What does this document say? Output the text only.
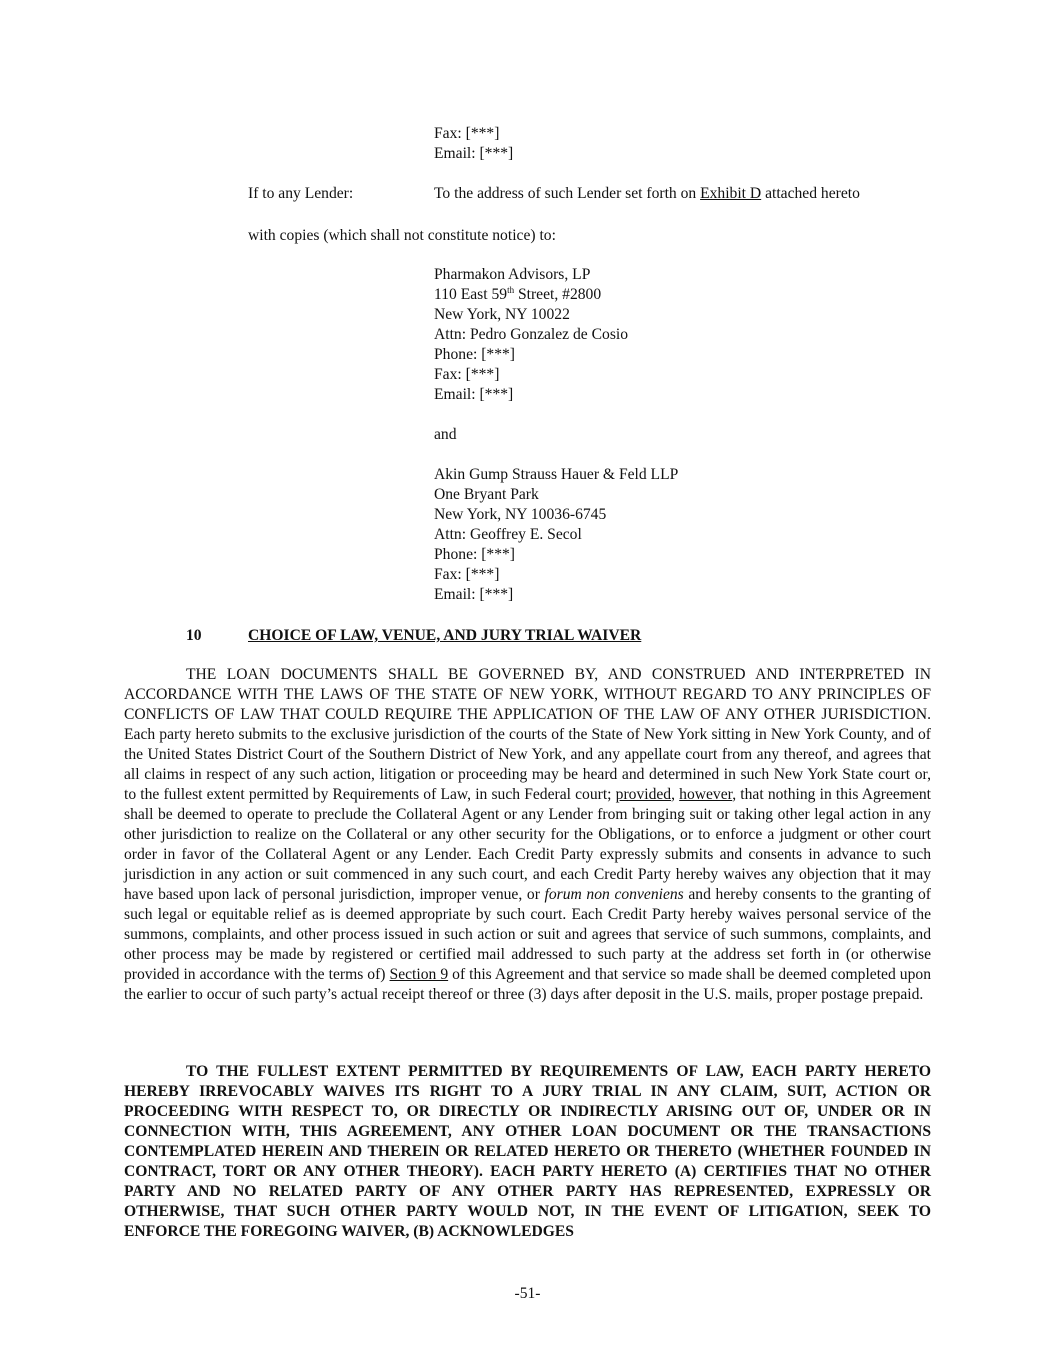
Fax: [***]
Email: [***]
If to any Lender:	To the address of such Lender set forth on Exhibit D attached hereto
with copies (which shall not constitute notice) to:
Pharmakon Advisors, LP
110 East 59th Street, #2800
New York, NY 10022
Attn: Pedro Gonzalez de Cosio
Phone: [***]
Fax: [***]
Email: [***]
and
Akin Gump Strauss Hauer & Feld LLP
One Bryant Park
New York, NY 10036-6745
Attn: Geoffrey E. Secol
Phone: [***]
Fax: [***]
Email: [***]
10	CHOICE OF LAW, VENUE, AND JURY TRIAL WAIVER
THE LOAN DOCUMENTS SHALL BE GOVERNED BY, AND CONSTRUED AND INTERPRETED IN ACCORDANCE WITH THE LAWS OF THE STATE OF NEW YORK, WITHOUT REGARD TO ANY PRINCIPLES OF CONFLICTS OF LAW THAT COULD REQUIRE THE APPLICATION OF THE LAW OF ANY OTHER JURISDICTION. Each party hereto submits to the exclusive jurisdiction of the courts of the State of New York sitting in New York County, and of the United States District Court of the Southern District of New York, and any appellate court from any thereof, and agrees that all claims in respect of any such action, litigation or proceeding may be heard and determined in such New York State court or, to the fullest extent permitted by Requirements of Law, in such Federal court; provided, however, that nothing in this Agreement shall be deemed to operate to preclude the Collateral Agent or any Lender from bringing suit or taking other legal action in any other jurisdiction to realize on the Collateral or any other security for the Obligations, or to enforce a judgment or other court order in favor of the Collateral Agent or any Lender. Each Credit Party expressly submits and consents in advance to such jurisdiction in any action or suit commenced in any such court, and each Credit Party hereby waives any objection that it may have based upon lack of personal jurisdiction, improper venue, or forum non conveniens and hereby consents to the granting of such legal or equitable relief as is deemed appropriate by such court. Each Credit Party hereby waives personal service of the summons, complaints, and other process issued in such action or suit and agrees that service of such summons, complaints, and other process may be made by registered or certified mail addressed to such party at the address set forth in (or otherwise provided in accordance with the terms of) Section 9 of this Agreement and that service so made shall be deemed completed upon the earlier to occur of such party’s actual receipt thereof or three (3) days after deposit in the U.S. mails, proper postage prepaid.
TO THE FULLEST EXTENT PERMITTED BY REQUIREMENTS OF LAW, EACH PARTY HERETO HEREBY IRREVOCABLY WAIVES ITS RIGHT TO A JURY TRIAL IN ANY CLAIM, SUIT, ACTION OR PROCEEDING WITH RESPECT TO, OR DIRECTLY OR INDIRECTLY ARISING OUT OF, UNDER OR IN CONNECTION WITH, THIS AGREEMENT, ANY OTHER LOAN DOCUMENT OR THE TRANSACTIONS CONTEMPLATED HEREIN AND THEREIN OR RELATED HERETO OR THERETO (WHETHER FOUNDED IN CONTRACT, TORT OR ANY OTHER THEORY). EACH PARTY HERETO (A) CERTIFIES THAT NO OTHER PARTY AND NO RELATED PARTY OF ANY OTHER PARTY HAS REPRESENTED, EXPRESSLY OR OTHERWISE, THAT SUCH OTHER PARTY WOULD NOT, IN THE EVENT OF LITIGATION, SEEK TO ENFORCE THE FOREGOING WAIVER, (B) ACKNOWLEDGES
-51-
